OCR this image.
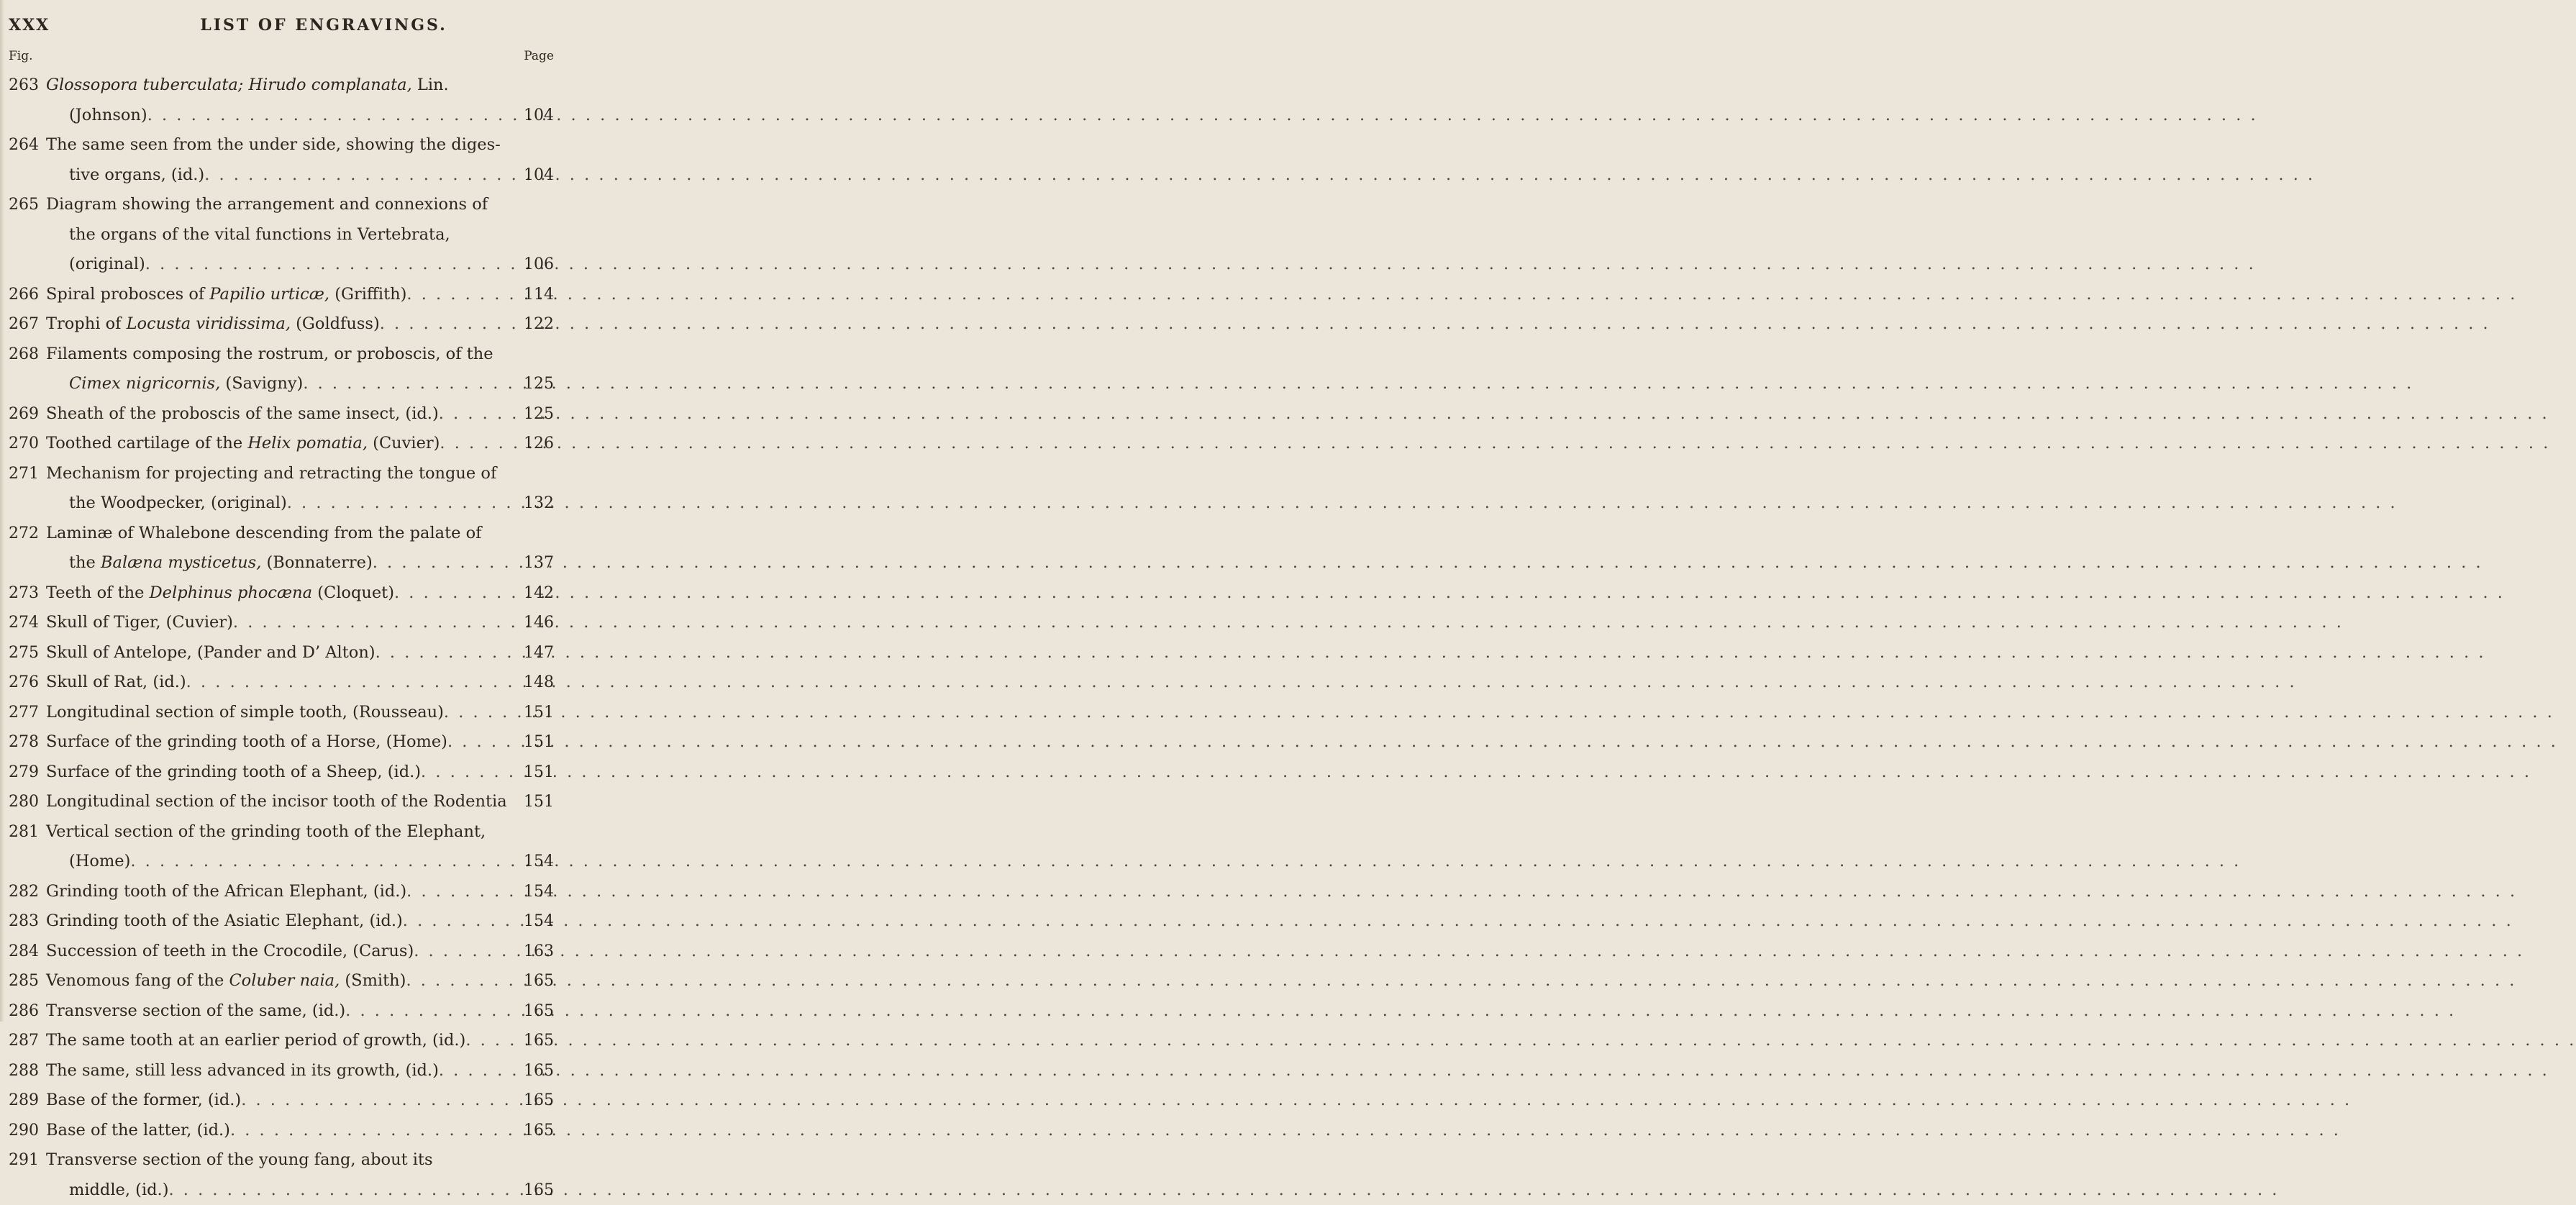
XXX	LIST OF ENGRAVINGS.
Fig.	Page
263 Glossopora tuberculata; Hirudo complanata, Lin.
(Johnson) . . .	104
264 The same seen from the under side, showing the diges-
tive organs, (id.) . . .	104
265 Diagram showing the arrangement and connexions of
the organs of the vital functions in Vertebrata,
(original) . . .	106
266 Spiral probosces of Papilio urticæ, (Griffith) . . .	114
267 Trophi of Locusta viridissima, (Goldfuss) . . .	122
268 Filaments composing the rostrum, or proboscis, of the
Cimex nigricornis, (Savigny) . . .	125
269 Sheath of the proboscis of the same insect, (id.) . . .	125
270 Toothed cartilage of the Helix pomatia, (Cuvier) . . .	126
271 Mechanism for projecting and retracting the tongue of
the Woodpecker, (original) . . .	132
272 Laminæ of Whalebone descending from the palate of
the Balæna mysticetus, (Bonnaterre) . . .	137
273 Teeth of the Delphinus phocæna (Cloquet) . . .	142
274 Skull of Tiger, (Cuvier) . . .	146
275 Skull of Antelope, (Pander and D’ Alton) . . .	147
276 Skull of Rat, (id.) . . .	148
277 Longitudinal section of simple tooth, (Rousseau) . . .	151
278 Surface of the grinding tooth of a Horse, (Home) . . .	151
279 Surface of the grinding tooth of a Sheep, (id.) . . .	151
280 Longitudinal section of the incisor tooth of the Rodentia	151
281 Vertical section of the grinding tooth of the Elephant,
(Home) . . .	154
282 Grinding tooth of the African Elephant, (id.) . . .	154
283 Grinding tooth of the Asiatic Elephant, (id.) . . .	154
284 Succession of teeth in the Crocodile, (Carus) . . .	163
285 Venomous fang of the Coluber naia, (Smith) . . .	165
286 Transverse section of the same, (id.) . . .	165
287 The same tooth at an earlier period of growth, (id.) . . .	165
288 The same, still less advanced in its growth, (id.) . . .	165
289 Base of the former, (id.) . . .	165
290 Base of the latter, (id.) . . .	165
291 Transverse section of the young fang, about its
middle, (id.) . . .	165
